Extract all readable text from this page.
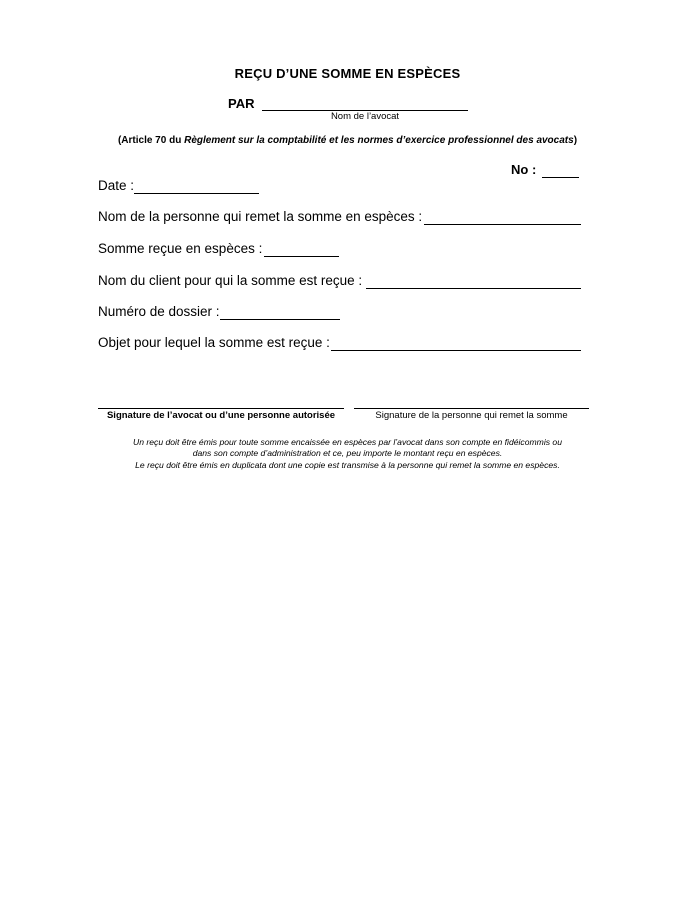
REÇU D’UNE SOMME EN ESPÈCES
PAR
Nom de l’avocat
(Article 70 du Règlement sur la comptabilité et les normes d’exercice professionnel des avocats)
No :
Date :
Nom de la personne qui remet la somme en espèces :
Somme reçue en espèces :
Nom du client pour qui la somme est reçue :
Numéro de dossier :
Objet pour lequel la somme est reçue :
Signature de l’avocat ou d’une personne autorisée	Signature de la personne qui remet la somme
Un reçu doit être émis pour toute somme encaissée en espèces par l’avocat dans son compte en fidéicommis ou
dans son compte d’administration et ce, peu importe le montant reçu en espèces.
Le reçu doit être émis en duplicata dont une copie est transmise à la personne qui remet la somme en espèces.
